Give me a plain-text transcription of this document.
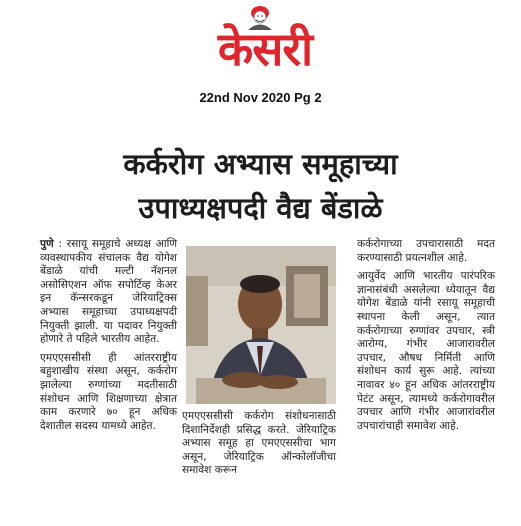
केसरी
22nd Nov 2020 Pg 2
कर्करोग अभ्यास समूहाच्या
उपाध्यक्षपदी वैद्य बेंडाळे

पुणे : रसायू समूहाचे अध्यक्ष आणि व्यवस्थापकीय संचालक वैद्य योगेश बेंडाळे यांची मल्टी नॅशनल असोसिएशन ऑफ सपोर्टिव्ह केअर इन कॅन्सरकडून जेरियाट्रिक्स अभ्यास समूहाच्या उपाध्यक्षपदी नियुक्ती झाली. या पदावर नियुक्ती होणारे ते पहिले भारतीय आहेत.

एमएएससीसी ही आंतरराष्ट्रीय बहुशाखीय संस्था असून, कर्करोग झालेल्या रुग्णांच्या मदतीसाठी संशोधन आणि शिक्षणाच्या क्षेत्रात काम करणारे ७० हून अधिक देशातील सदस्य यामध्ये आहेत.

एमएएससीसी कर्करोग संशोधनासाठी दिशानिर्देशही प्रसिद्ध करते. जेरियाट्रिक अभ्यास समूह हा एमएएससीचा भाग असून, जेरियाट्रिक ऑन्कोलॉजीचा समावेश करून

कर्करोगाच्या उपचारासाठी मदत करण्यासाठी प्रयत्नशील आहे.

आयुर्वेद आणि भारतीय पारंपरिक ज्ञानासंबंधी असलेल्या ध्येयातून वैद्य योगेश बेंडाळे यांनी रसायू समूहाची स्थापना केली असून, त्यात कर्करोगाच्या रुग्णांवर उपचार, स्त्री आरोग्य, गंभीर आजारावरील उपचार, औषध निर्मिती आणि संशोधन कार्य सुरू आहे. त्यांच्या नावावर ४० हून अधिक आंतरराष्ट्रीय पेटंट असून, त्यामध्ये कर्करोगावरील उपचार आणि गंभीर आजारांवरील उपचारांचाही समावेश आहे.
